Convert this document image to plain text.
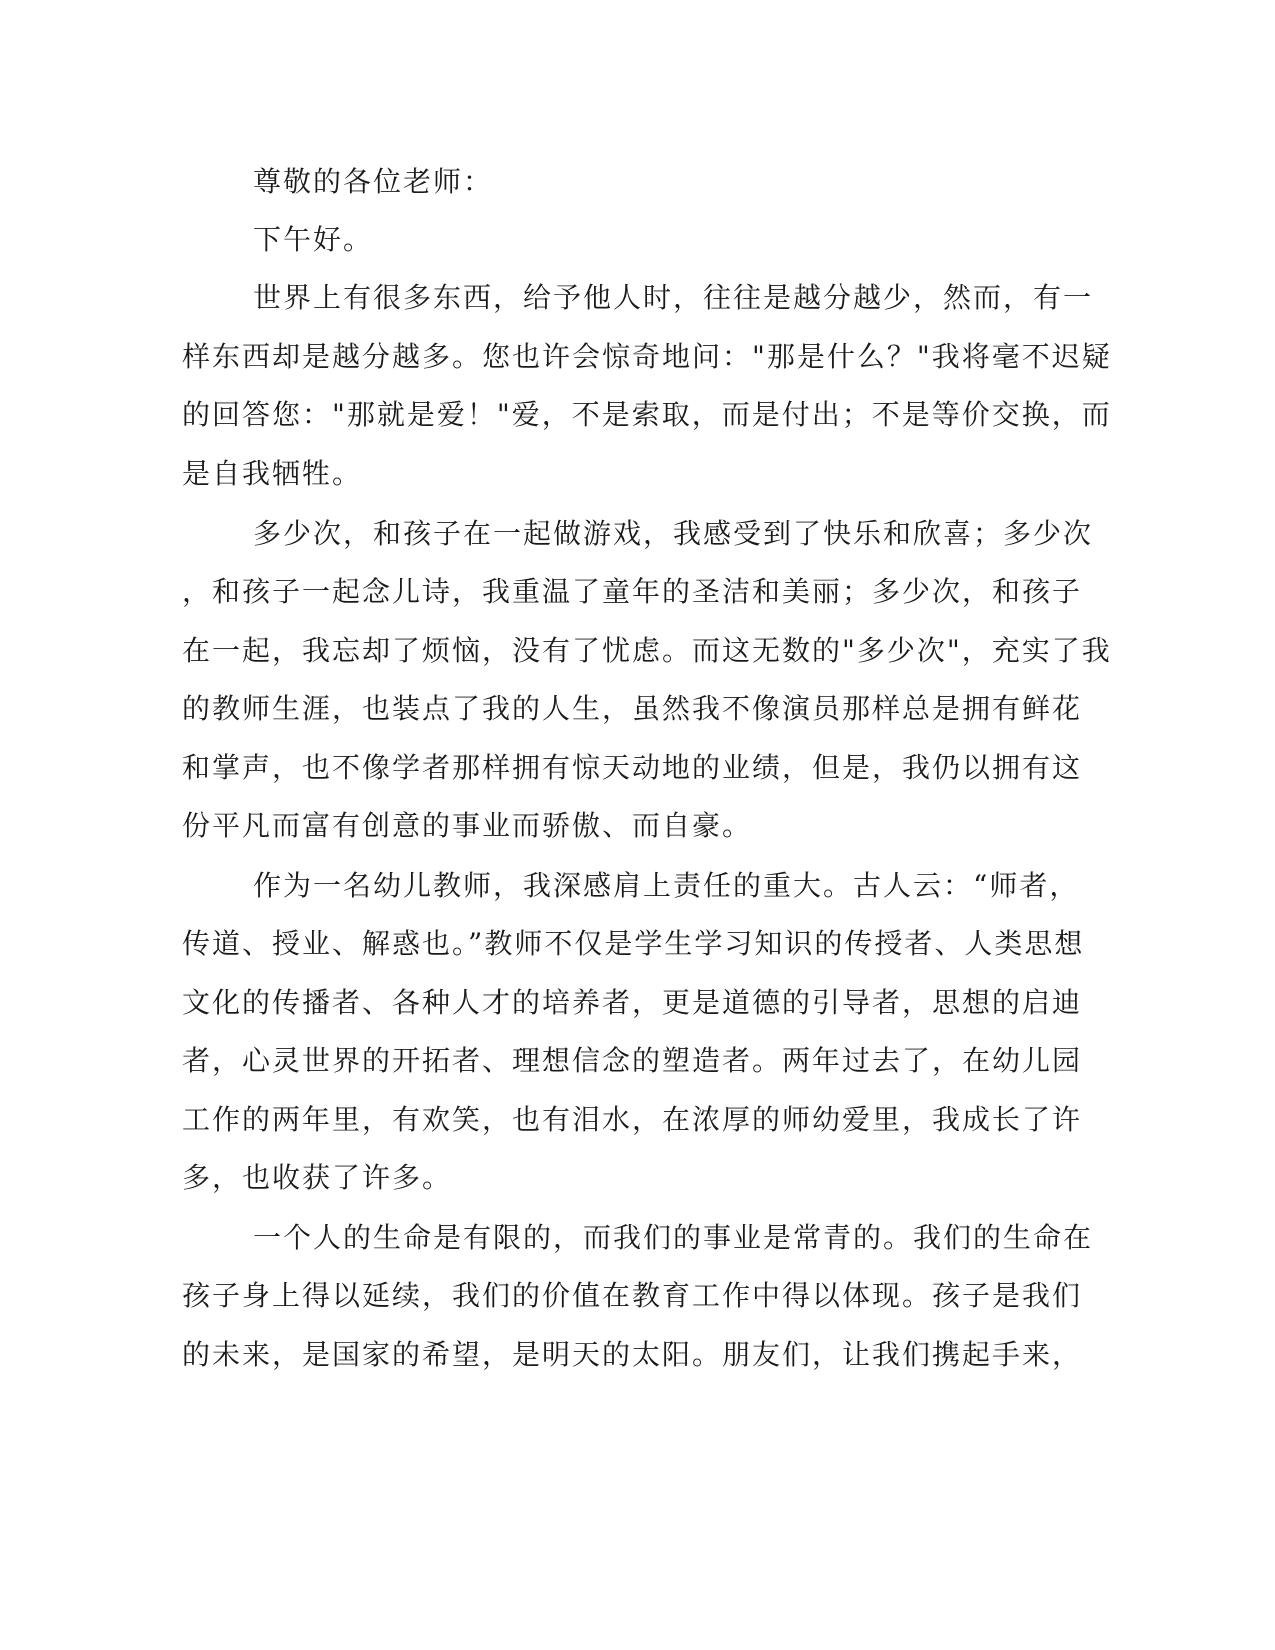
尊敬的各位老师：
下午好。
世界上有很多东西，给予他人时，往往是越分越少，然而，有一
样东西却是越分越多。您也许会惊奇地问："那是什么？"我将毫不迟疑
的回答您："那就是爱！"爱，不是索取，而是付出；不是等价交换，而
是自我牺牲。
多少次，和孩子在一起做游戏，我感受到了快乐和欣喜；多少次
，和孩子一起念儿诗，我重温了童年的圣洁和美丽；多少次，和孩子
在一起，我忘却了烦恼，没有了忧虑。而这无数的"多少次"，充实了我
的教师生涯，也装点了我的人生，虽然我不像演员那样总是拥有鲜花
和掌声，也不像学者那样拥有惊天动地的业绩，但是，我仍以拥有这
份平凡而富有创意的事业而骄傲、而自豪。
作为一名幼儿教师，我深感肩上责任的重大。古人云：“师者，
传道、授业、解惑也。”教师不仅是学生学习知识的传授者、人类思想
文化的传播者、各种人才的培养者，更是道德的引导者，思想的启迪
者，心灵世界的开拓者、理想信念的塑造者。两年过去了，在幼儿园
工作的两年里，有欢笑，也有泪水，在浓厚的师幼爱里，我成长了许
多，也收获了许多。
一个人的生命是有限的，而我们的事业是常青的。我们的生命在
孩子身上得以延续，我们的价值在教育工作中得以体现。孩子是我们
的未来，是国家的希望，是明天的太阳。朋友们，让我们携起手来，
